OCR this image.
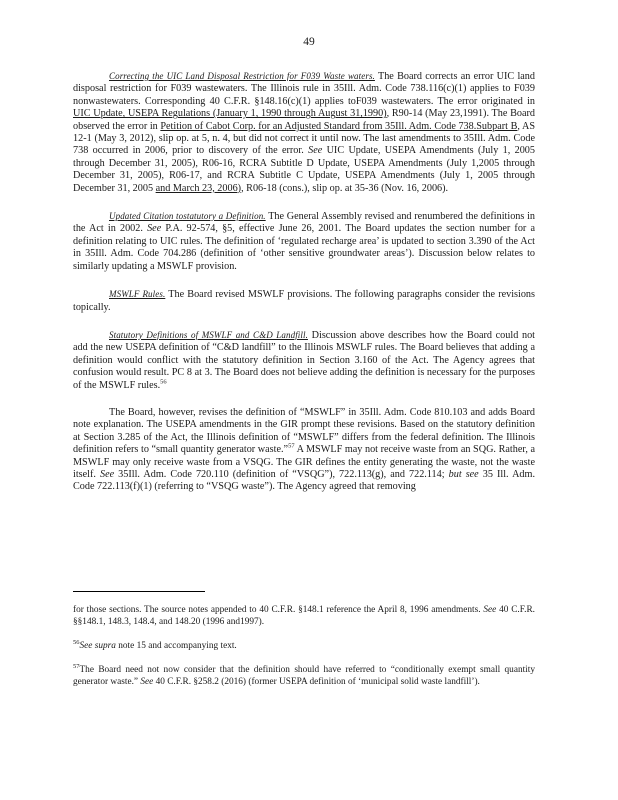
49

Correcting the UIC Land Disposal Restriction for F039 Waste waters. The Board corrects an error UIC land disposal restriction for F039 wastewaters. The Illinois rule in 35Ill. Adm. Code 738.116(c)(1) applies to F039 nonwastewaters. Corresponding 40 C.F.R. §148.16(c)(1) applies toF039 wastewaters. The error originated in UIC Update, USEPA Regulations (January 1, 1990 through August 31,1990), R90-14 (May 23,1991). The Board observed the error in Petition of Cabot Corp. for an Adjusted Standard from 35Ill. Adm. Code 738.Subpart B, AS 12-1 (May 3, 2012), slip op. at 5, n. 4, but did not correct it until now. The last amendments to 35Ill. Adm. Code 738 occurred in 2006, prior to discovery of the error. See UIC Update, USEPA Amendments (July 1, 2005 through December 31, 2005), R06-16, RCRA Subtitle D Update, USEPA Amendments (July 1,2005 through December 31, 2005), R06-17, and RCRA Subtitle C Update, USEPA Amendments (July 1, 2005 through December 31, 2005 and March 23, 2006), R06-18 (cons.), slip op. at 35-36 (Nov. 16, 2006).

Updated Citation tostatutory a Definition. The General Assembly revised and renumbered the definitions in the Act in 2002. See P.A. 92-574, §5, effective June 26, 2001. The Board updates the section number for a definition relating to UIC rules. The definition of ‘regulated recharge area’ is updated to section 3.390 of the Act in 35Ill. Adm. Code 704.286 (definition of ‘other sensitive groundwater areas’). Discussion below relates to similarly updating a MSWLF provision.

MSWLF Rules. The Board revised MSWLF provisions. The following paragraphs consider the revisions topically.

Statutory Definitions of MSWLF and C&D Landfill. Discussion above describes how the Board could not add the new USEPA definition of “C&D landfill” to the Illinois MSWLF rules. The Board believes that adding a definition would conflict with the statutory definition in Section 3.160 of the Act. The Agency agrees that confusion would result. PC 8 at 3. The Board does not believe adding the definition is necessary for the purposes of the MSWLF rules.$^{56}$

The Board, however, revises the definition of “MSWLF” in 35Ill. Adm. Code 810.103 and adds Board note explanation. The USEPA amendments in the GIR prompt these revisions. Based on the statutory definition at Section 3.285 of the Act, the Illinois definition of “MSWLF” differs from the federal definition. The Illinois definition refers to “small quantity generator waste.”$^{57}$ A MSWLF may not receive waste from an SQG. Rather, a MSWLF may only receive waste from a VSQG. The GIR defines the entity generating the waste, not the waste itself. See 35Ill. Adm. Code 720.110 (definition of “VSQG”), 722.113(g), and 722.114; but see 35 Ill. Adm. Code 722.113(f)(1) (referring to “VSQG waste”). The Agency agreed that removing

for those sections. The source notes appended to 40 C.F.R. §148.1 reference the April 8, 1996 amendments. See 40 C.F.R. §§148.1, 148.3, 148.4, and 148.20 (1996 and1997).

$^{56}$See supra note 15 and accompanying text.

$^{57}$The Board need not now consider that the definition should have referred to “conditionally exempt small quantity generator waste.” See 40 C.F.R. §258.2 (2016) (former USEPA definition of ‘municipal solid waste landfill’).
